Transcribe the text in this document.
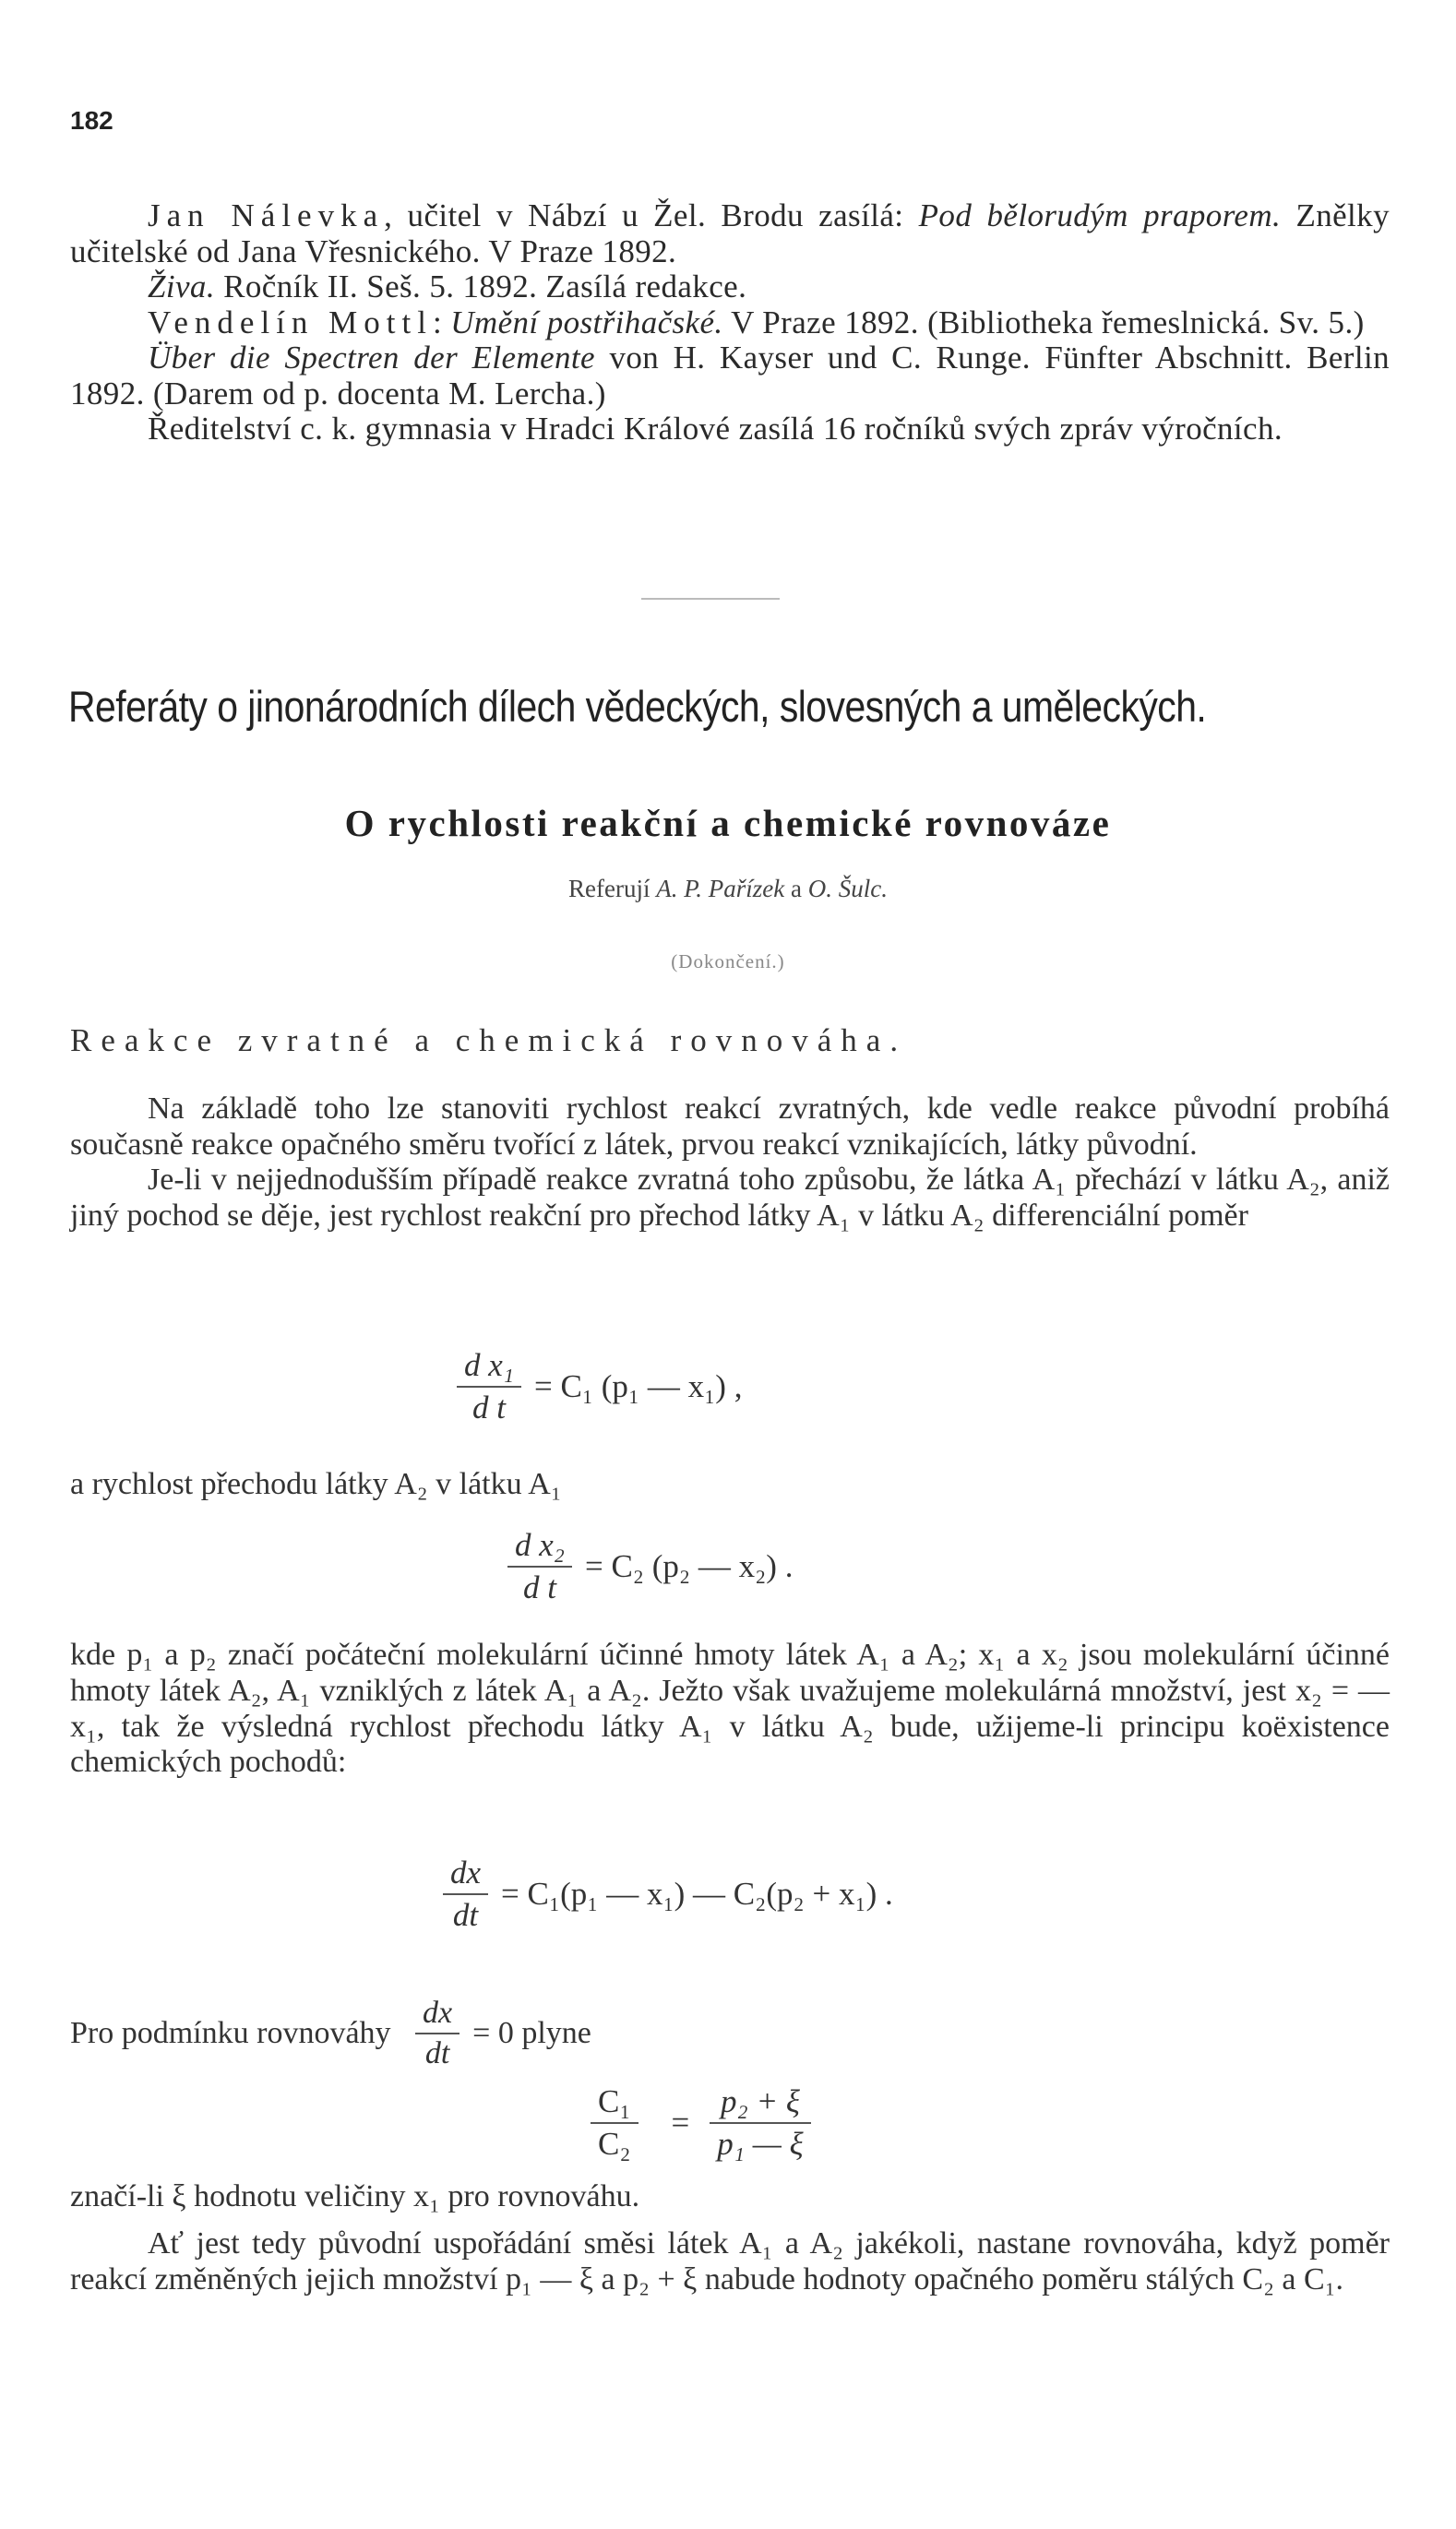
182

Jan Nálevka, učitel v Nábzí u Žel. Brodu zasílá: Pod bělorudým praporem. Znělky učitelské od Jana Vřesnického. V Praze 1892.

Živa. Ročník II. Seš. 5. 1892. Zasílá redakce.

Vendelín Mottl: Umění postřihačské. V Praze 1892. (Bibliotheka řemeslnická. Sv. 5.)

Über die Spectren der Elemente von H. Kayser und C. Runge. Fünfter Abschnitt. Berlin 1892. (Darem od p. docenta M. Lercha.)

Ředitelství c. k. gymnasia v Hradci Králové zasílá 16 ročníků svých zpráv výročních.

Referáty o jinonárodních dílech vědeckých, slovesných a uměleckých.
O rychlosti reakční a chemické rovnováze
Referují A. P. Pařízek a O. Šulc.
(Dokončení.)
Reakce zvratné a chemická rovnováha.

Na základě toho lze stanoviti rychlost reakcí zvratných, kde vedle reakce původní probíhá současně reakce opačného směru tvořící z látek, prvou reakcí vznikajících, látky původní.

Je-li v nejjednodušším případě reakce zvratná toho způsobu, že látka A₁ přechází v látku A₂, aniž jiný pochod se děje, jest rychlost reakční pro přechod látky A₁ v látku A₂ differenciální poměr

$\frac{\text{d x₁}}{\text{d t}} = C_1$ (p₁ — x₁) ,
a rychlost přechodu látky A₂ v látku A₁
$\frac{\text{d x₂}}{\text{d t}} = C_2$ (p₂ — x₂) .

kde p₁ a p₂ značí počáteční molekulární účinné hmoty látek A₁ a A₂; x₁ a x₂ jsou molekulární účinné hmoty látek A₂, A₁ vzniklých z látek A₁ a A₂. Ježto však uvažujeme molekulárná množství, jest x₂ = — x₁, tak že výsledná rychlost přechodu látky A₁ v látku A₂ bude, užijeme-li principu koëxistence chemických pochodů:

$\frac{dx}{dt} = C_1(p_1$ — x₁) — C₂(p₂ + x₁) .
Pro podmínku rovnováhy $\frac{dx}{dt} = 0$ plyne
$\frac{\text{C₁}}{\text{C₂}} = \frac{\text{p₂ + ξ}}{\text{p₁ — ξ}}$
značí-li ξ hodnotu veličiny x₁ pro rovnováhu.

Ať jest tedy původní uspořádání směsi látek A₁ a A₂ jakékoli, nastane rovnováha, když poměr reakcí změněných jejich množství p₁ — ξ a p₂ + ξ nabude hodnoty opačného poměru stálých C₂ a C₁.
